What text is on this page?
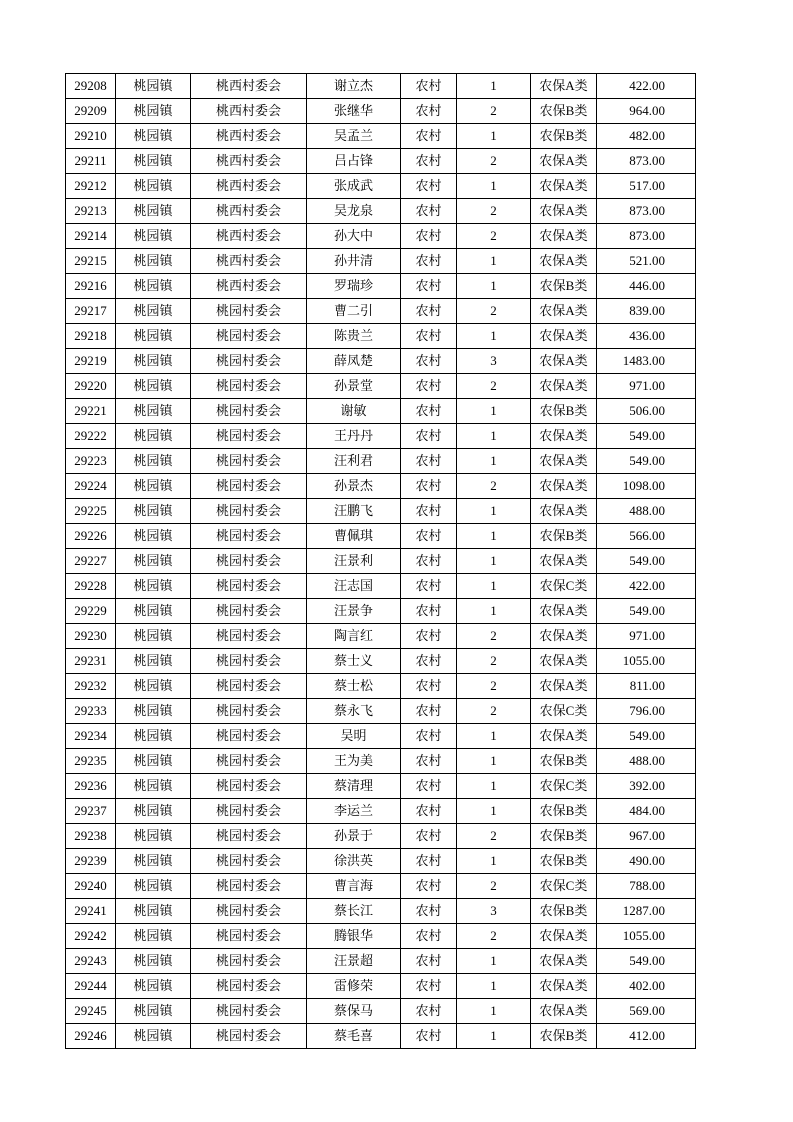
29208	桃园镇	桃西村委会	谢立杰	农村	1	农保A类	422.00
29209	桃园镇	桃西村委会	张继华	农村	2	农保B类	964.00
29210	桃园镇	桃西村委会	吴孟兰	农村	1	农保B类	482.00
29211	桃园镇	桃西村委会	吕占锋	农村	2	农保A类	873.00
29212	桃园镇	桃西村委会	张成武	农村	1	农保A类	517.00
29213	桃园镇	桃西村委会	吴龙泉	农村	2	农保A类	873.00
29214	桃园镇	桃西村委会	孙大中	农村	2	农保A类	873.00
29215	桃园镇	桃西村委会	孙井清	农村	1	农保A类	521.00
29216	桃园镇	桃西村委会	罗瑞珍	农村	1	农保B类	446.00
29217	桃园镇	桃园村委会	曹二引	农村	2	农保A类	839.00
29218	桃园镇	桃园村委会	陈贵兰	农村	1	农保A类	436.00
29219	桃园镇	桃园村委会	薛凤楚	农村	3	农保A类	1483.00
29220	桃园镇	桃园村委会	孙景堂	农村	2	农保A类	971.00
29221	桃园镇	桃园村委会	谢敏	农村	1	农保B类	506.00
29222	桃园镇	桃园村委会	王丹丹	农村	1	农保A类	549.00
29223	桃园镇	桃园村委会	汪利君	农村	1	农保A类	549.00
29224	桃园镇	桃园村委会	孙景杰	农村	2	农保A类	1098.00
29225	桃园镇	桃园村委会	汪鹏飞	农村	1	农保A类	488.00
29226	桃园镇	桃园村委会	曹佩琪	农村	1	农保B类	566.00
29227	桃园镇	桃园村委会	汪景利	农村	1	农保A类	549.00
29228	桃园镇	桃园村委会	汪志国	农村	1	农保C类	422.00
29229	桃园镇	桃园村委会	汪景争	农村	1	农保A类	549.00
29230	桃园镇	桃园村委会	陶言红	农村	2	农保A类	971.00
29231	桃园镇	桃园村委会	蔡士义	农村	2	农保A类	1055.00
29232	桃园镇	桃园村委会	蔡士松	农村	2	农保A类	811.00
29233	桃园镇	桃园村委会	蔡永飞	农村	2	农保C类	796.00
29234	桃园镇	桃园村委会	吴明	农村	1	农保A类	549.00
29235	桃园镇	桃园村委会	王为美	农村	1	农保B类	488.00
29236	桃园镇	桃园村委会	蔡清理	农村	1	农保C类	392.00
29237	桃园镇	桃园村委会	李运兰	农村	1	农保B类	484.00
29238	桃园镇	桃园村委会	孙景于	农村	2	农保B类	967.00
29239	桃园镇	桃园村委会	徐洪英	农村	1	农保B类	490.00
29240	桃园镇	桃园村委会	曹言海	农村	2	农保C类	788.00
29241	桃园镇	桃园村委会	蔡长江	农村	3	农保B类	1287.00
29242	桃园镇	桃园村委会	腾银华	农村	2	农保A类	1055.00
29243	桃园镇	桃园村委会	汪景超	农村	1	农保A类	549.00
29244	桃园镇	桃园村委会	雷修荣	农村	1	农保A类	402.00
29245	桃园镇	桃园村委会	蔡保马	农村	1	农保A类	569.00
29246	桃园镇	桃园村委会	蔡毛喜	农村	1	农保B类	412.00
